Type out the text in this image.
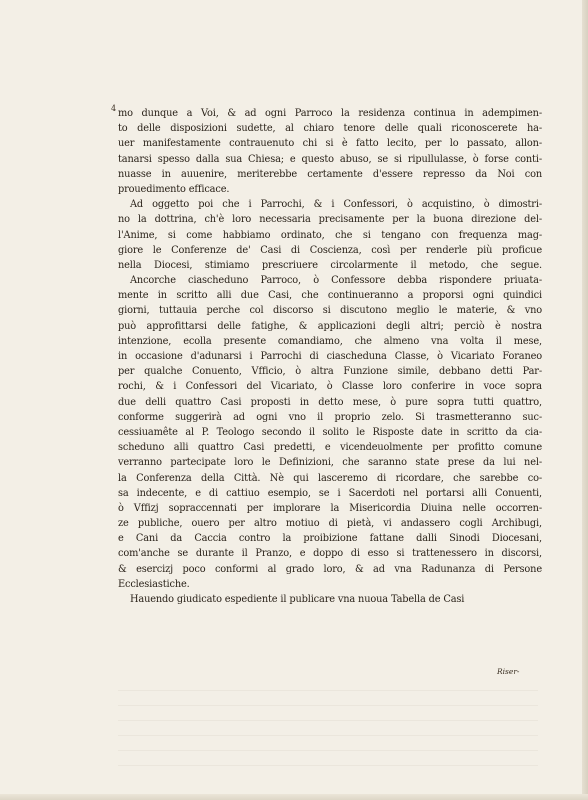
4 mo dunque a Voi, & ad ogni Parroco la residenza continua in adempimen-
to delle disposizioni sudette, al chiaro tenore delle quali riconoscerete ha-
uer manifestamente contrauenuto chi si è fatto lecito, per lo passato, allon-
tanarsi spesso dalla sua Chiesa; e questo abuso, se si ripullulasse, ò forse conti-
nuasse in auuenire, meriterebbe certamente d'essere represso da Noi con
prouedimento efficace.
Ad oggetto poi che i Parrochi, & i Confessori, ò acquistino, ò dimostri-
no la dottrina, ch'è loro necessaria precisamente per la buona direzione del-
l'Anime, si come habbiamo ordinato, che si tengano con frequenza mag-
giore le Conferenze de' Casi di Coscienza, così per renderle più proficue
nella Diocesi, stimiamo prescriuere circolarmente il metodo, che segue.
Ancorche ciascheduno Parroco, ò Confessore debba rispondere priuata-
mente in scritto alli due Casi, che continueranno a proporsi ogni quindici
giorni, tuttauia perche col discorso si discutono meglio le materie, & vno
può approfittarsi delle fatighe, & applicazioni degli altri; perciò è nostra
intenzione, ecolla presente comandiamo, che almeno vna volta il mese,
in occasione d'adunarsi i Parrochi di ciascheduna Classe, ò Vicariato Foraneo
per qualche Conuento, Vfficio, ò altra Funzione simile, debbano detti Par-
rochi, & i Confessori del Vicariato, ò Classe loro conferire in voce sopra
due delli quattro Casi proposti in detto mese, ò pure sopra tutti quattro,
conforme suggerirà ad ogni vno il proprio zelo. Si trasmetteranno suc-
cessiuamête al P. Teologo secondo il solito le Risposte date in scritto da cia-
scheduno alli quattro Casi predetti, e vicendeuolmente per profitto comune
verranno partecipate loro le Definizioni, che saranno state prese da lui nel-
la Conferenza della Città. Nè qui lasceremo di ricordare, che sarebbe co-
sa indecente, e di cattiuo esempio, se i Sacerdoti nel portarsi alli Conuenti,
ò Vffizj sopraccennati per implorare la Misericordia Diuina nelle occorren-
ze publiche, ouero per altro motiuo di pietà, vi andassero cogli Archibugi,
e Cani da Caccia contro la proibizione fattane dalli Sinodi Diocesani,
com'anche se durante il Pranzo, e doppo di esso si trattenessero in discorsi,
& esercizj poco conformi al grado loro, & ad vna Radunanza di Persone
Ecclesiastiche.
Hauendo giudicato espediente il publicare vna nuoua Tabella de Casi
Riser-
